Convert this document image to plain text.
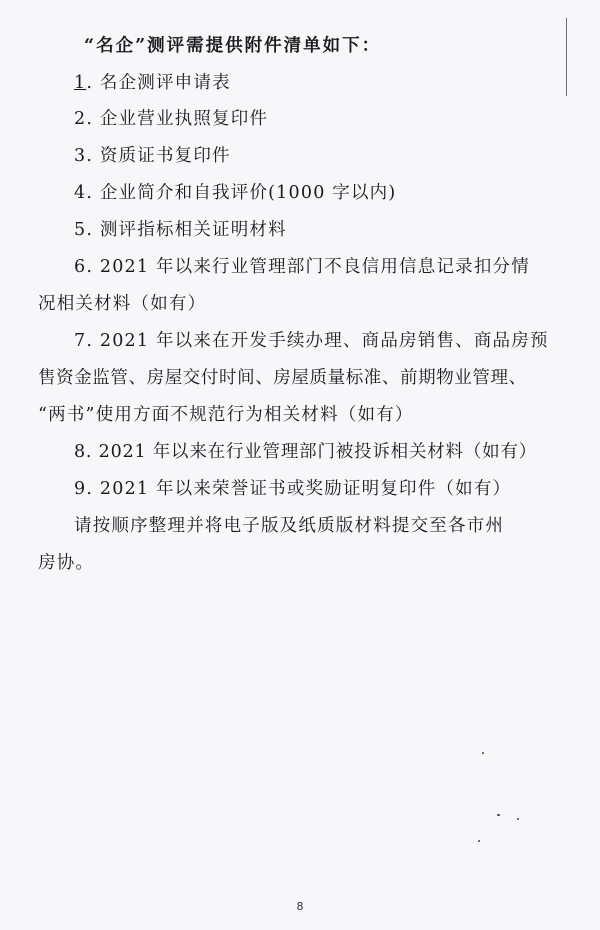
“名企”测评需提供附件清单如下：
1. 名企测评申请表
2. 企业营业执照复印件
3. 资质证书复印件
4. 企业简介和自我评价(1000 字以内)
5. 测评指标相关证明材料
6. 2021 年以来行业管理部门不良信用信息记录扣分情
况相关材料（如有）
7. 2021 年以来在开发手续办理、商品房销售、商品房预
售资金监管、房屋交付时间、房屋质量标准、前期物业管理、
“两书”使用方面不规范行为相关材料（如有）
8. 2021 年以来在行业管理部门被投诉相关材料（如有）
9. 2021 年以来荣誉证书或奖励证明复印件（如有）
请按顺序整理并将电子版及纸质版材料提交至各市州
房协。
8
